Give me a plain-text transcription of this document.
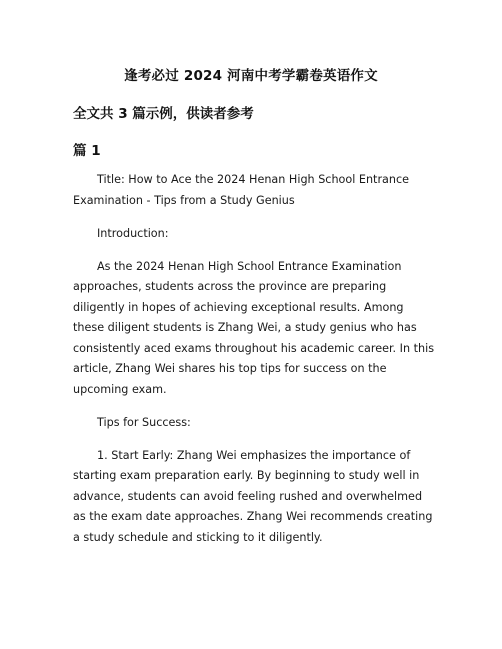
逢考必过 2024 河南中考学霸卷英语作文
全文共 3 篇示例，供读者参考
篇 1

Title: How to Ace the 2024 Henan High School Entrance Examination - Tips from a Study Genius

Introduction:

As the 2024 Henan High School Entrance Examination approaches, students across the province are preparing diligently in hopes of achieving exceptional results. Among these diligent students is Zhang Wei, a study genius who has consistently aced exams throughout his academic career. In this article, Zhang Wei shares his top tips for success on the upcoming exam.

Tips for Success:

1. Start Early: Zhang Wei emphasizes the importance of starting exam preparation early. By beginning to study well in advance, students can avoid feeling rushed and overwhelmed as the exam date approaches. Zhang Wei recommends creating a study schedule and sticking to it diligently.
